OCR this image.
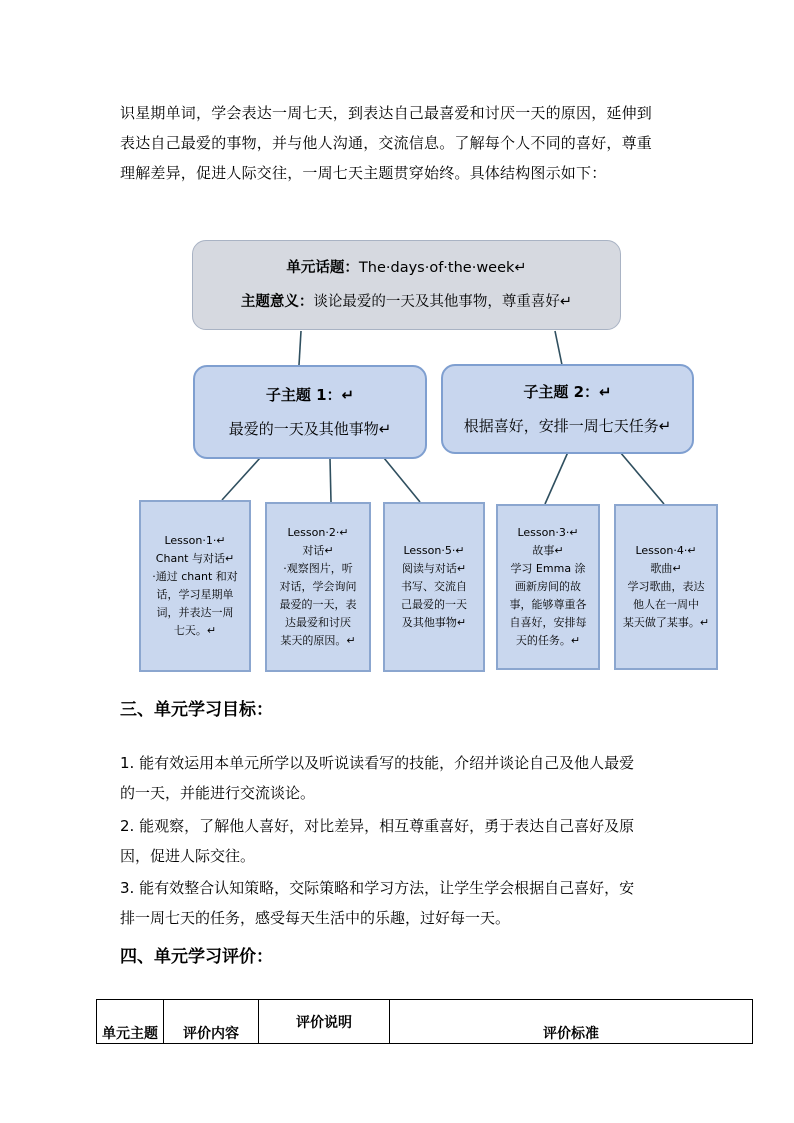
识星期单词，学会表达一周七天，到表达自己最喜爱和讨厌一天的原因，延伸到
表达自己最爱的事物，并与他人沟通，交流信息。了解每个人不同的喜好，尊重
理解差异，促进人际交往，一周七天主题贯穿始终。具体结构图示如下：
单元话题：The·days·of·the·week↵
主题意义：谈论最爱的一天及其他事物，尊重喜好↵
子主题 1：↵
最爱的一天及其他事物↵
子主题 2：↵
根据喜好，安排一周七天任务↵
Lesson·1·↵
Chant 与对话↵
·通过 chant 和对
话，学习星期单
词，并表达一周
七天。↵
Lesson·2·↵
对话↵
·观察图片，听
对话，学会询问
最爱的一天，表
达最爱和讨厌
某天的原因。↵
Lesson·5·↵
阅读与对话↵
书写、交流自
己最爱的一天
及其他事物↵
Lesson·3·↵
故事↵
学习 Emma 涂
画新房间的故
事，能够尊重各
自喜好，安排每
天的任务。↵
Lesson·4·↵
歌曲↵
学习歌曲，表达
他人在一周中
某天做了某事。↵
三、单元学习目标：
1. 能有效运用本单元所学以及听说读看写的技能，介绍并谈论自己及他人最爱
的一天，并能进行交流谈论。
2. 能观察，了解他人喜好，对比差异，相互尊重喜好，勇于表达自己喜好及原
因，促进人际交往。
3. 能有效整合认知策略，交际策略和学习方法，让学生学会根据自己喜好，安
排一周七天的任务，感受每天生活中的乐趣，过好每一天。
四、单元学习评价：
单元主题	评价内容	评价说明	评价标准
